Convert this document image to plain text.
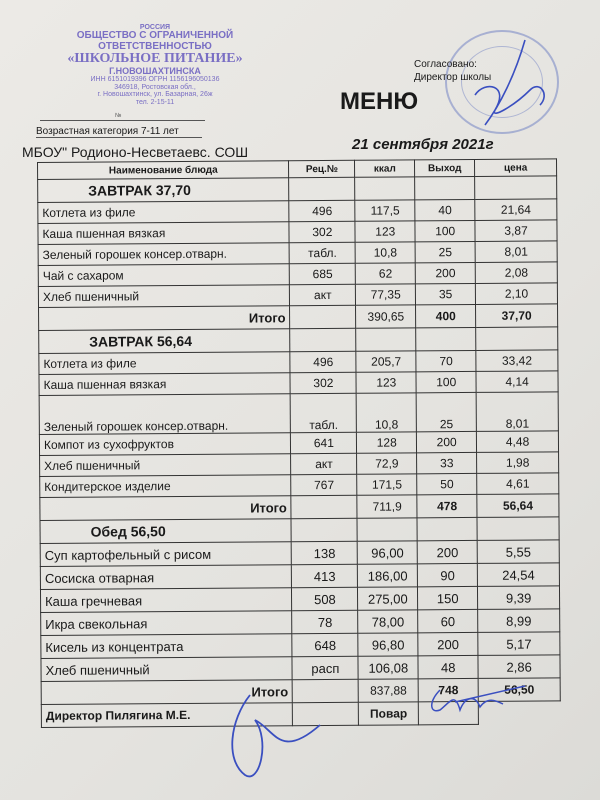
РОССИЯ
ОБЩЕСТВО С ОГРАНИЧЕННОЙ
ОТВЕТСТВЕННОСТЬЮ
«ШКОЛЬНОЕ ПИТАНИЕ»
Г.НОВОШАХТИНСКА
ИНН 6151019396 ОГРН 1156196050136
346918, Ростовская обл.,
г. Новошахтинск, ул. Базарная, 26ж
тел. 2-15-11
№
Возрастная категория 7-11 лет
МБОУ" Родионо-Несветаевс. СОШ
Согласовано:
Директор школы
МЕНЮ
21 сентября 2021г
Наименование блюда	Рец.№	ккал	Выход	цена
ЗАВТРАК 37,70				
Котлета из филе	496	117,5	40	21,64
Каша пшенная вязкая	302	123	100	3,87
Зеленый горошек консер.отварн.	табл.	10,8	25	8,01
Чай с сахаром	685	62	200	2,08
Хлеб пшеничный	акт	77,35	35	2,10
Итого		390,65	400	37,70
ЗАВТРАК 56,64				
Котлета из филе	496	205,7	70	33,42
Каша пшенная вязкая	302	123	100	4,14
Зеленый горошек консер.отварн.	табл.	10,8	25	8,01
Компот из сухофруктов	641	128	200	4,48
Хлеб пшеничный	акт	72,9	33	1,98
Кондитерское изделие	767	171,5	50	4,61
Итого		711,9	478	56,64
Обед 56,50				
Суп картофельный с рисом	138	96,00	200	5,55
Сосиска отварная	413	186,00	90	24,54
Каша гречневая	508	275,00	150	9,39
Икра свекольная	78	78,00	60	8,99
Кисель из концентрата	648	96,80	200	5,17
Хлеб пшеничный	расп	106,08	48	2,86
Итого		837,88	748	56,50
Директор Пилягина М.Е.		Повар		
